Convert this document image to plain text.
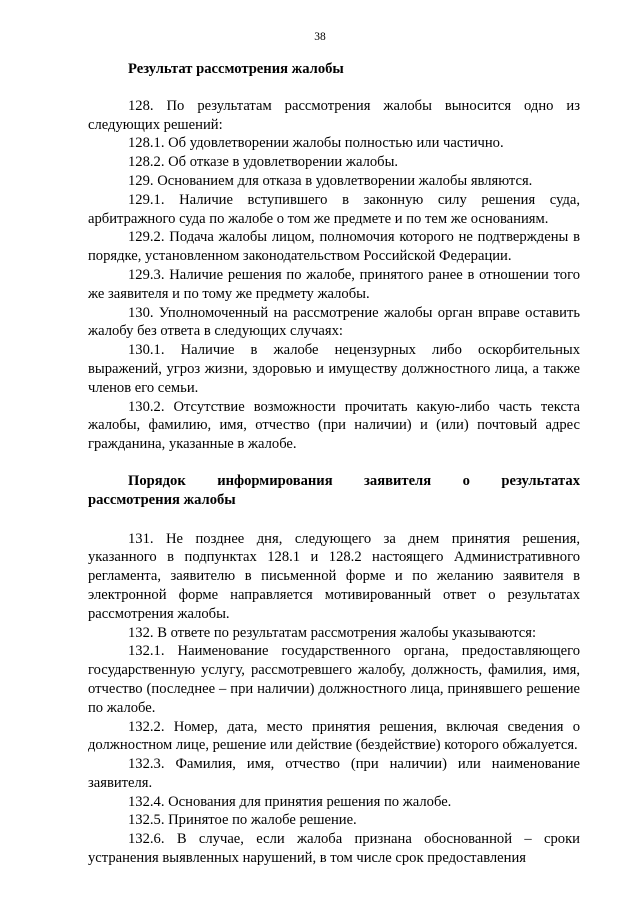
38
Результат рассмотрения жалобы

128. По результатам рассмотрения жалобы выносится одно из следующих решений:

128.1. Об удовлетворении жалобы полностью или частично.

128.2. Об отказе в удовлетворении жалобы.

129. Основанием для отказа в удовлетворении жалобы являются.

129.1. Наличие вступившего в законную силу решения суда, арбитражного суда по жалобе о том же предмете и по тем же основаниям.

129.2. Подача жалобы лицом, полномочия которого не подтверждены в порядке, установленном законодательством Российской Федерации.

129.3. Наличие решения по жалобе, принятого ранее в отношении того же заявителя и по тому же предмету жалобы.

130. Уполномоченный на рассмотрение жалобы орган вправе оставить жалобу без ответа в следующих случаях:

130.1. Наличие в жалобе нецензурных либо оскорбительных выражений, угроз жизни, здоровью и имуществу должностного лица, а также членов его семьи.

130.2. Отсутствие возможности прочитать какую-либо часть текста жалобы, фамилию, имя, отчество (при наличии) и (или) почтовый адрес гражданина, указанные в жалобе.

Порядок информирования заявителя о результатах
рассмотрения жалобы

131. Не позднее дня, следующего за днем принятия решения, указанного в подпунктах 128.1 и 128.2 настоящего Административного регламента, заявителю в письменной форме и по желанию заявителя в электронной форме направляется мотивированный ответ о результатах рассмотрения жалобы.

132. В ответе по результатам рассмотрения жалобы указываются:

132.1. Наименование государственного органа, предоставляющего государственную услугу, рассмотревшего жалобу, должность, фамилия, имя, отчество (последнее – при наличии) должностного лица, принявшего решение по жалобе.

132.2. Номер, дата, место принятия решения, включая сведения о должностном лице, решение или действие (бездействие) которого обжалуется.

132.3. Фамилия, имя, отчество (при наличии) или наименование заявителя.

132.4. Основания для принятия решения по жалобе.

132.5. Принятое по жалобе решение.

132.6. В случае, если жалоба признана обоснованной – сроки устранения выявленных нарушений, в том числе срок предоставления
